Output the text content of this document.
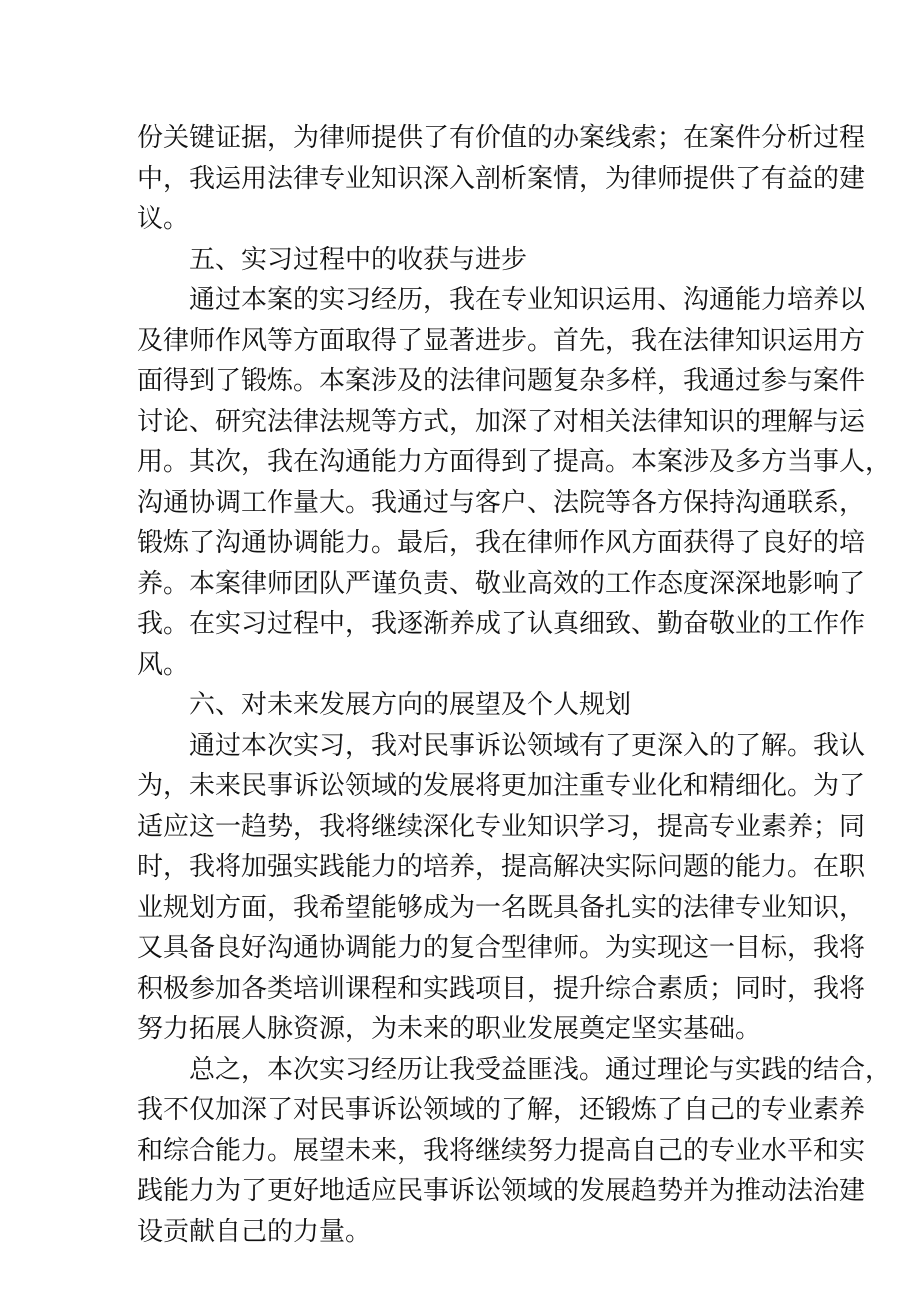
份关键证据，为律师提供了有价值的办案线索；在案件分析过程
中，我运用法律专业知识深入剖析案情，为律师提供了有益的建
议。
五、实习过程中的收获与进步
通过本案的实习经历，我在专业知识运用、沟通能力培养以
及律师作风等方面取得了显著进步。首先，我在法律知识运用方
面得到了锻炼。本案涉及的法律问题复杂多样，我通过参与案件
讨论、研究法律法规等方式，加深了对相关法律知识的理解与运
用。其次，我在沟通能力方面得到了提高。本案涉及多方当事人，
沟通协调工作量大。我通过与客户、法院等各方保持沟通联系，
锻炼了沟通协调能力。最后，我在律师作风方面获得了良好的培
养。本案律师团队严谨负责、敬业高效的工作态度深深地影响了
我。在实习过程中，我逐渐养成了认真细致、勤奋敬业的工作作
风。
六、对未来发展方向的展望及个人规划
通过本次实习，我对民事诉讼领域有了更深入的了解。我认
为，未来民事诉讼领域的发展将更加注重专业化和精细化。为了
适应这一趋势，我将继续深化专业知识学习，提高专业素养；同
时，我将加强实践能力的培养，提高解决实际问题的能力。在职
业规划方面，我希望能够成为一名既具备扎实的法律专业知识，
又具备良好沟通协调能力的复合型律师。为实现这一目标，我将
积极参加各类培训课程和实践项目，提升综合素质；同时，我将
努力拓展人脉资源，为未来的职业发展奠定坚实基础。
总之，本次实习经历让我受益匪浅。通过理论与实践的结合，
我不仅加深了对民事诉讼领域的了解，还锻炼了自己的专业素养
和综合能力。展望未来，我将继续努力提高自己的专业水平和实
践能力为了更好地适应民事诉讼领域的发展趋势并为推动法治建
设贡献自己的力量。
